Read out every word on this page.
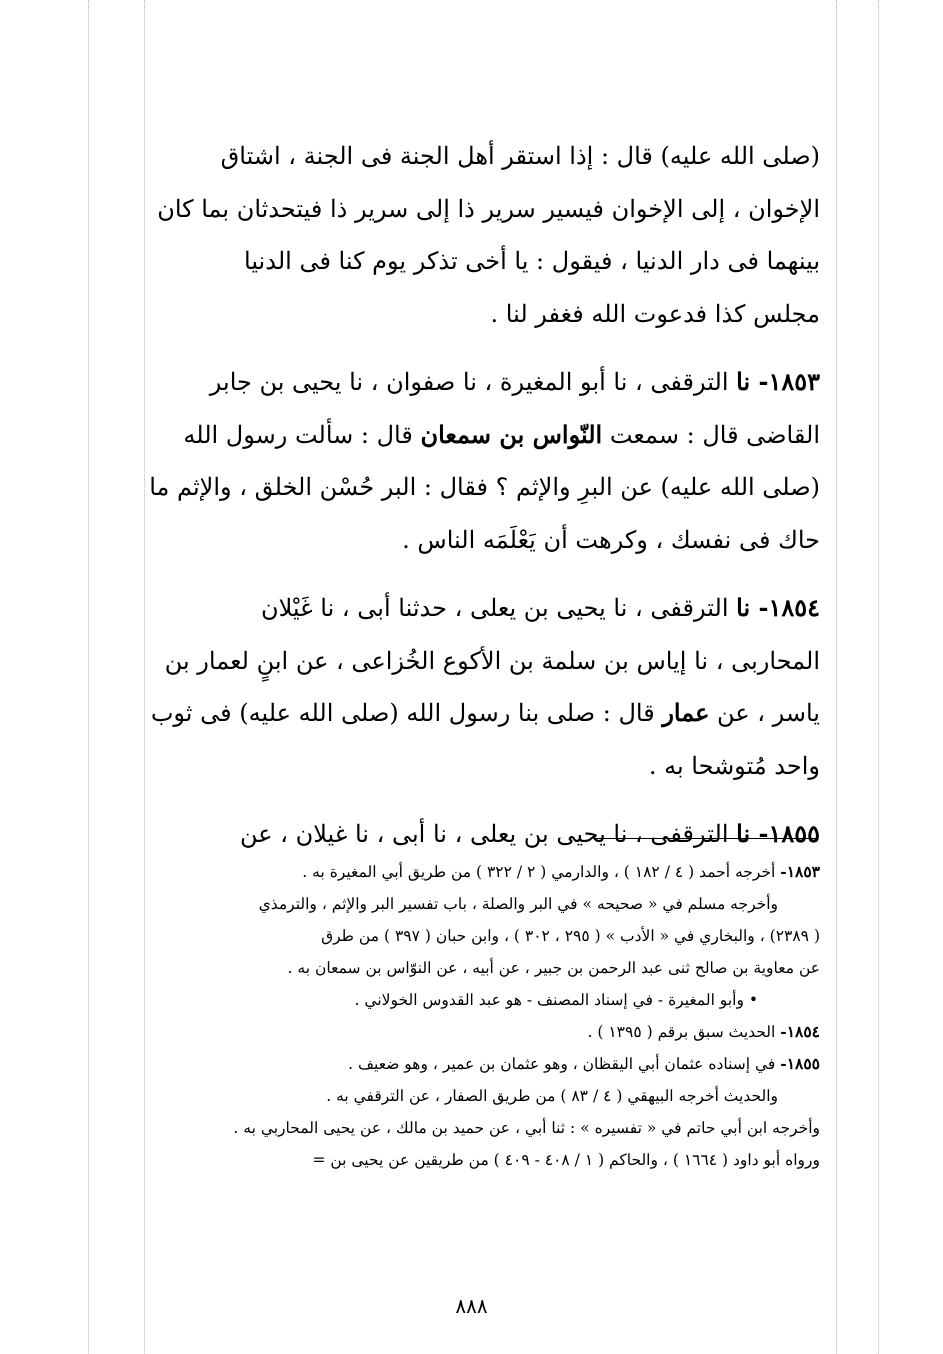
(صلى الله عليه) قال : إذا استقر أهل الجنة فى الجنة ، اشتاق

الإخوان ، إلى الإخوان فيسير سرير ذا إلى سرير ذا فيتحدثان بما كان

بينهما فى دار الدنيا ، فيقول : يا أخى تذكر يوم كنا فى الدنيا

مجلس كذا فدعوت الله فغفر لنا .

١٨٥٣- نا الترقفى ، نا أبو المغيرة ، نا صفوان ، نا يحيى بن جابر

القاضى قال : سمعت النّواس بن سمعان قال : سألت رسول الله

(صلى الله عليه) عن البرِ والإثم ؟ فقال : البر حُسْن الخلق ، والإثم ما

حاك فى نفسك ، وكرهت أن يَعْلَمَه الناس .

١٨٥٤- نا الترقفى ، نا يحيى بن يعلى ، حدثنا أبى ، نا غَيْلان

المحاربى ، نا إياس بن سلمة بن الأكوع الخُزاعى ، عن ابنٍ لعمار بن

ياسر ، عن عمار قال : صلى بنا رسول الله (صلى الله عليه) فى ثوب

واحد مُتوشحا به .

١٨٥٥- نا الترقفى ، نا يحيى بن يعلى ، نا أبى ، نا غيلان ، عن

١٨٥٣- أخرجه أحمد ( ٤ / ١٨٢ ) ، والدارمي ( ٢ / ٣٢٢ ) من طريق أبي المغيرة به .

وأخرجه مسلم في « صحيحه » في البر والصلة ، باب تفسير البر والإثم ، والترمذي

( ٢٣٨٩) ، والبخاري في « الأدب » ( ٢٩٥ ، ٣٠٢ ) ، وابن حبان ( ٣٩٧ ) من طرق

عن معاوية بن صالح ثنى عبد الرحمن بن جبير ، عن أبيه ، عن النوّاس بن سمعان به .

• وأبو المغيرة - في إسناد المصنف - هو عبد القدوس الخولاني .

١٨٥٤- الحديث سبق برقم ( ١٣٩٥ ) .

١٨٥٥- في إسناده عثمان أبي اليقظان ، وهو عثمان بن عمير ، وهو ضعيف .

والحديث أخرجه البيهقي ( ٤ / ٨٣ ) من طريق الصفار ، عن الترقفي به .

وأخرجه ابن أبي حاتم في « تفسيره » : ثنا أبي ، عن حميد بن مالك ، عن يحيى المحاربي به .

ورواه أبو داود ( ١٦٦٤ ) ، والحاكم ( ١ / ٤٠٨ - ٤٠٩ ) من طريقين عن يحيى بن =

٨٨٨
